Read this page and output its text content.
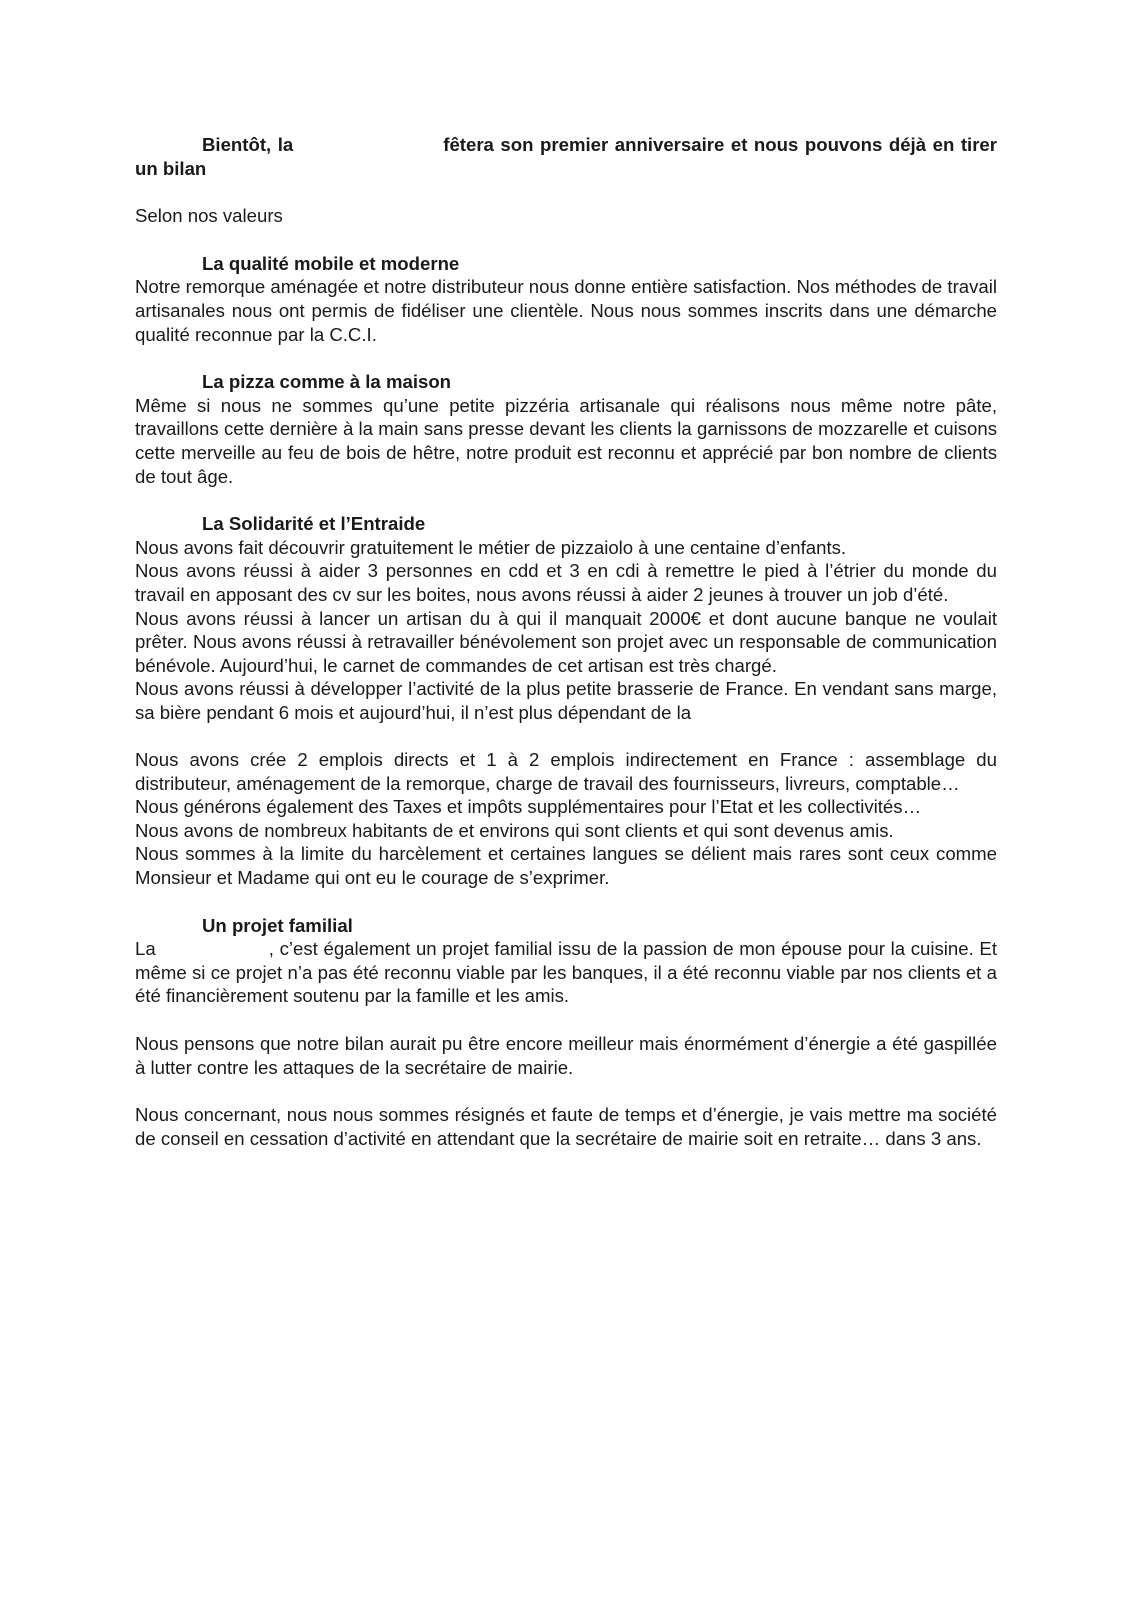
Bientôt, la	fêtera son premier anniversaire et nous pouvons déjà en tirer un bilan

Selon nos valeurs

La qualité mobile et moderne

Notre remorque aménagée et notre distributeur nous donne entière satisfaction. Nos méthodes de travail artisanales nous ont permis de fidéliser une clientèle. Nous nous sommes inscrits dans une démarche qualité reconnue par la C.C.I.

La pizza comme à la maison

Même si nous ne sommes qu’une petite pizzéria artisanale qui réalisons nous même notre pâte, travaillons cette dernière à la main sans presse devant les clients la garnissons de mozzarelle et cuisons cette merveille au feu de bois de hêtre, notre produit est reconnu et apprécié par bon nombre de clients de tout âge.

La Solidarité et l’Entraide

Nous avons fait découvrir gratuitement le métier de pizzaiolo à une centaine d’enfants.

Nous avons réussi à aider 3 personnes en cdd et 3 en cdi à remettre le pied à l’étrier du monde du travail en apposant des cv sur les boites, nous avons réussi à aider 2 jeunes à trouver un job d’été.

Nous avons réussi à lancer un artisan du à qui il manquait 2000€ et dont aucune banque ne voulait prêter. Nous avons réussi à retravailler bénévolement son projet avec un responsable de communication bénévole. Aujourd’hui, le carnet de commandes de cet artisan est très chargé.

Nous avons réussi à développer l’activité de la plus petite brasserie de France. En vendant sans marge, sa bière pendant 6 mois et aujourd’hui, il n’est plus dépendant de la

Nous avons crée 2 emplois directs et 1 à 2 emplois indirectement en France : assemblage du distributeur, aménagement de la remorque, charge de travail des fournisseurs, livreurs, comptable…

Nous générons également des Taxes et impôts supplémentaires pour l’Etat et les collectivités…

Nous avons de nombreux habitants de et environs qui sont clients et qui sont devenus amis.

Nous sommes à la limite du harcèlement et certaines langues se délient mais rares sont ceux comme Monsieur et Madame qui ont eu le courage de s’exprimer.

Un projet familial

La                    , c’est également un projet familial issu de la passion de mon épouse pour la cuisine. Et même si ce projet n’a pas été reconnu viable par les banques, il a été reconnu viable par nos clients et a été financièrement soutenu par la famille et les amis.

Nous pensons que notre bilan aurait pu être encore meilleur mais énormément d’énergie a été gaspillée à lutter contre les attaques de la secrétaire de mairie.

Nous concernant, nous nous sommes résignés et faute de temps et d’énergie, je vais mettre ma société de conseil en cessation d’activité en attendant que la secrétaire de mairie soit en retraite… dans 3 ans.
